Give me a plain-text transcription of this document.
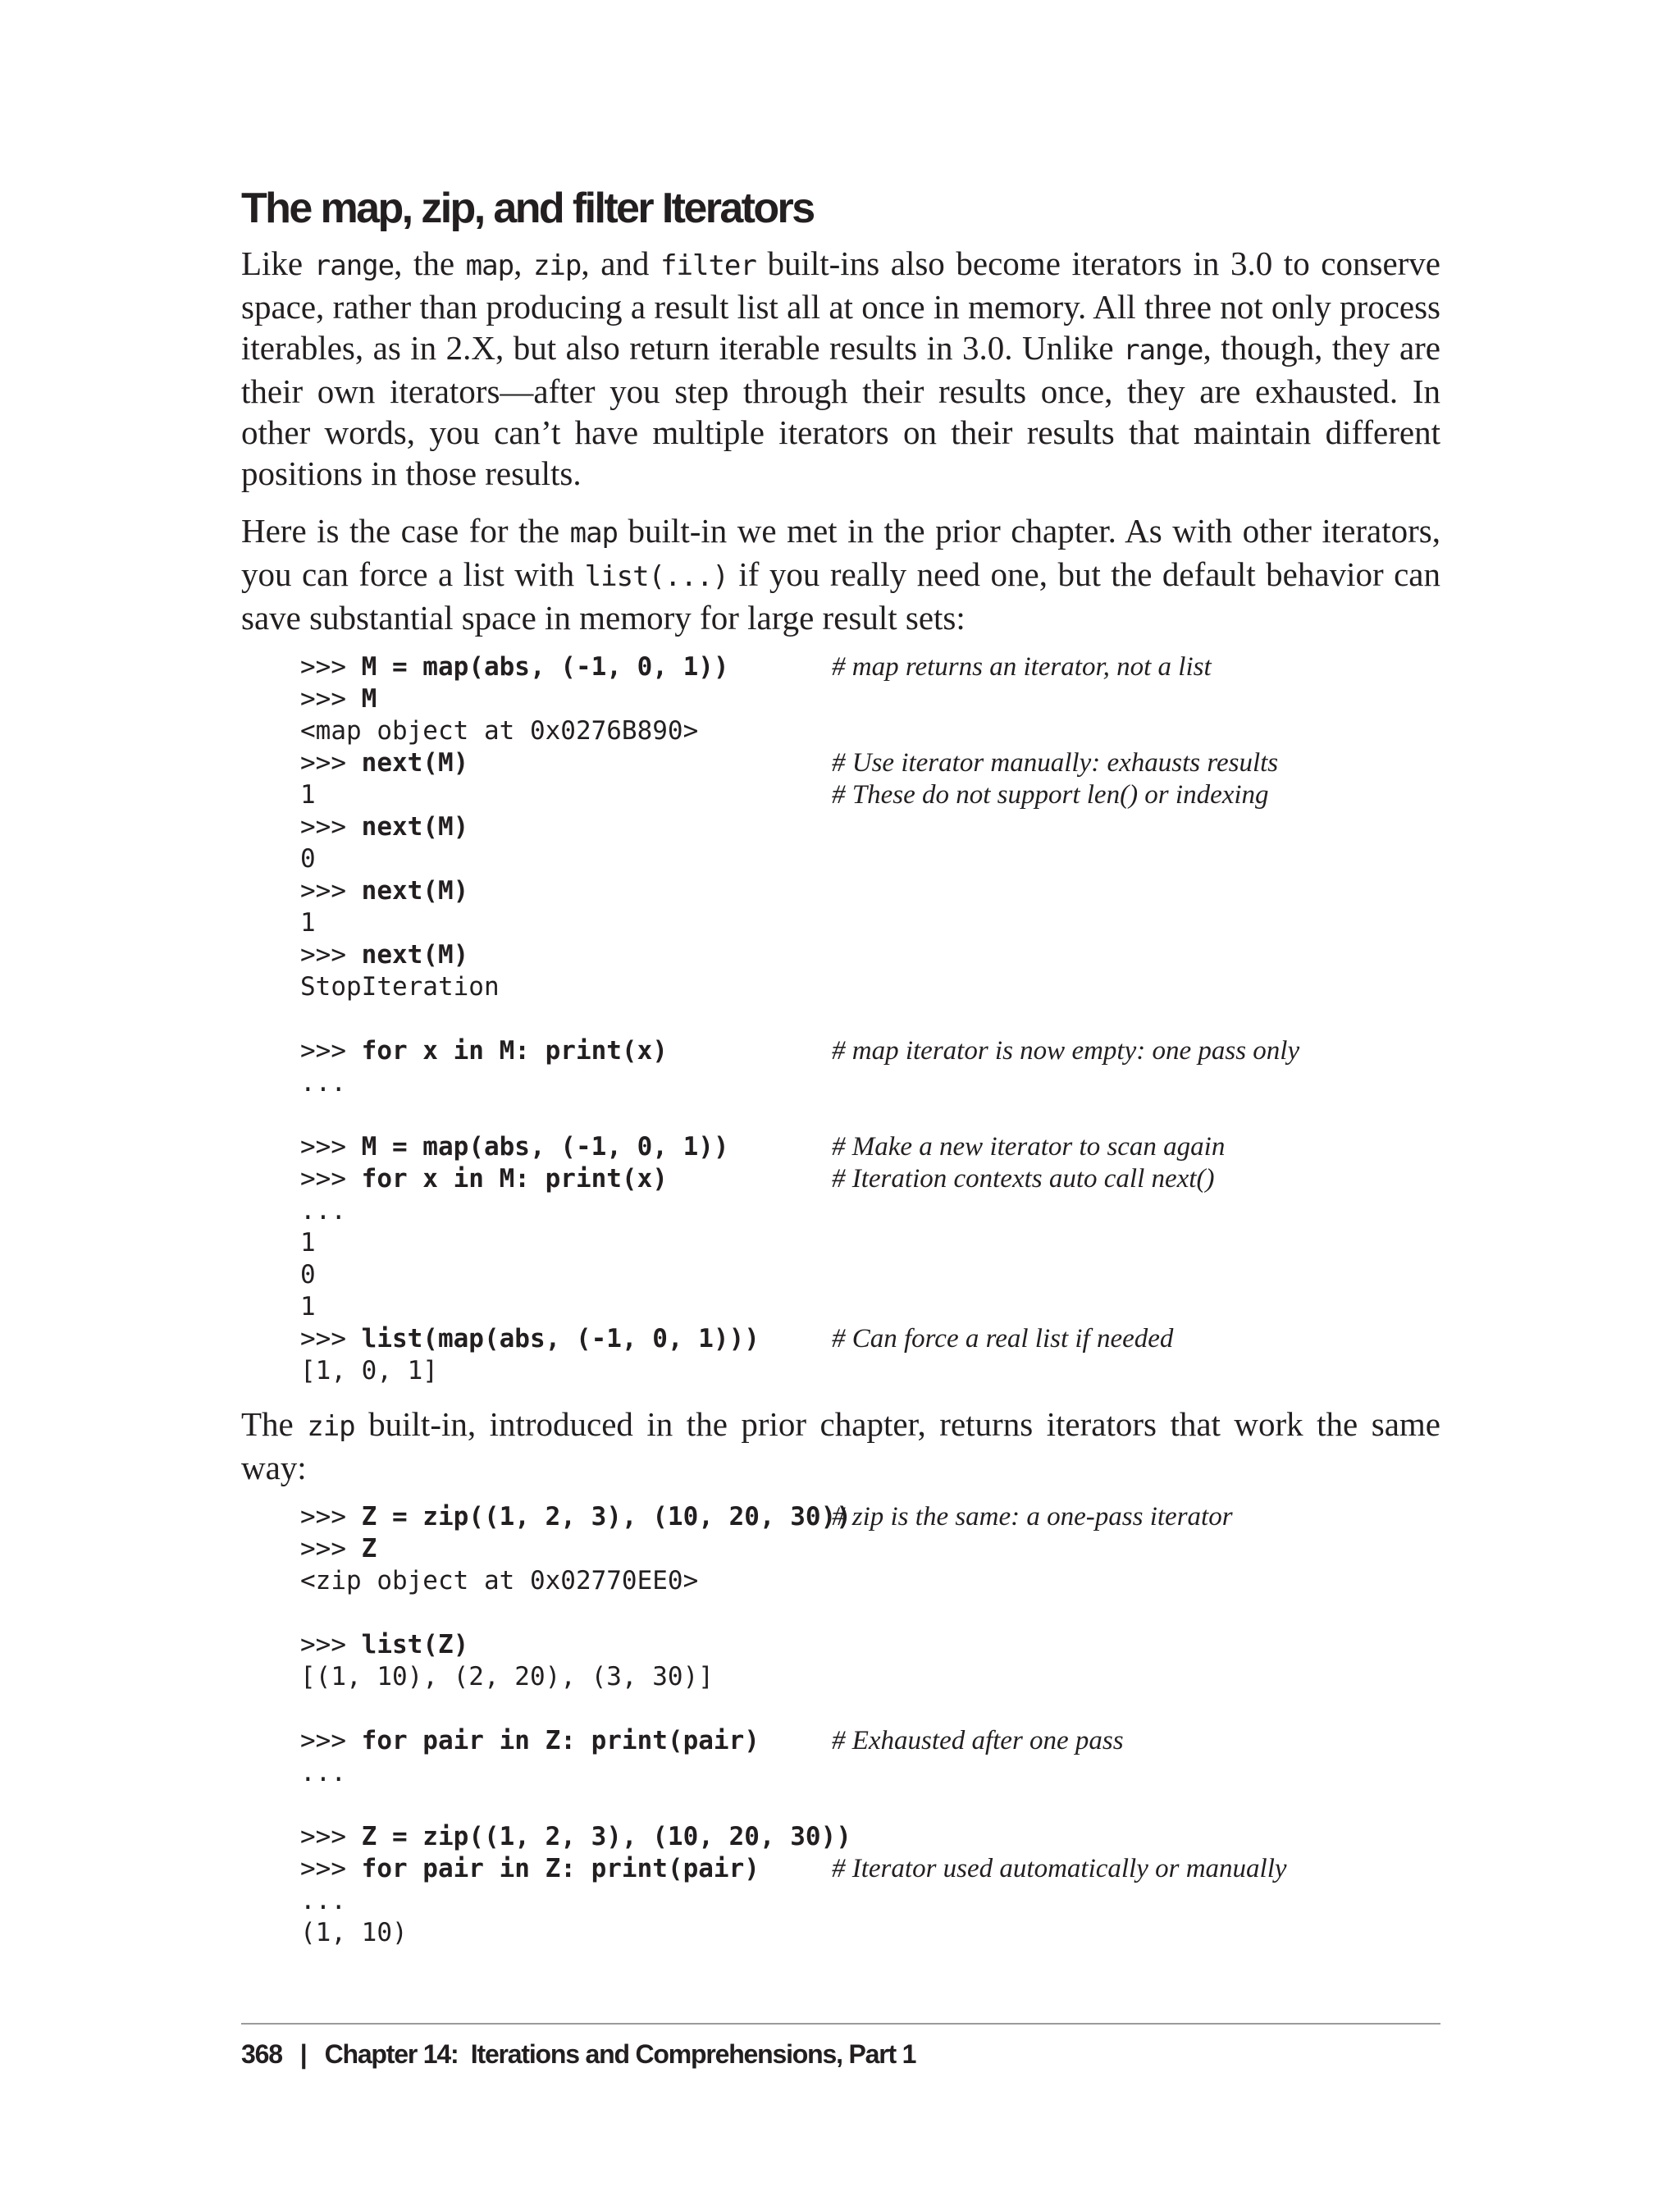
The map, zip, and filter Iterators

Like range, the map, zip, and filter built-ins also become iterators in 3.0 to conserve space, rather than producing a result list all at once in memory. All three not only process iterables, as in 2.X, but also return iterable results in 3.0. Unlike range, though, they are their own iterators—after you step through their results once, they are exhausted. In other words, you can’t have multiple iterators on their results that maintain different positions in those results.

Here is the case for the map built-in we met in the prior chapter. As with other iterators, you can force a list with list(...) if you really need one, but the default behavior can save substantial space in memory for large result sets:

>>> M = map(abs, (-1, 0, 1))	# map returns an iterator, not a list
>>> M
<map object at 0x0276B890>
>>> next(M)	# Use iterator manually: exhausts results
1	# These do not support len() or indexing
>>> next(M)
0
>>> next(M)
1
>>> next(M)
StopIteration
>>> for x in M: print(x)	# map iterator is now empty: one pass only
...
>>> M = map(abs, (-1, 0, 1))	# Make a new iterator to scan again
>>> for x in M: print(x)	# Iteration contexts auto call next()
...
1
0
1
>>> list(map(abs, (-1, 0, 1)))	# Can force a real list if needed
[1, 0, 1]

The zip built-in, introduced in the prior chapter, returns iterators that work the same way:

>>> Z = zip((1, 2, 3), (10, 20, 30))
# zip is the same: a one-pass iterator
>>> Z
<zip object at 0x02770EE0>
>>> list(Z)
[(1, 10), (2, 20), (3, 30)]
>>> for pair in Z: print(pair)	# Exhausted after one pass
...
>>> Z = zip((1, 2, 3), (10, 20, 30))
>>> for pair in Z: print(pair)	# Iterator used automatically or manually
...
(1, 10)
368 | Chapter 14:  Iterations and Comprehensions, Part 1
